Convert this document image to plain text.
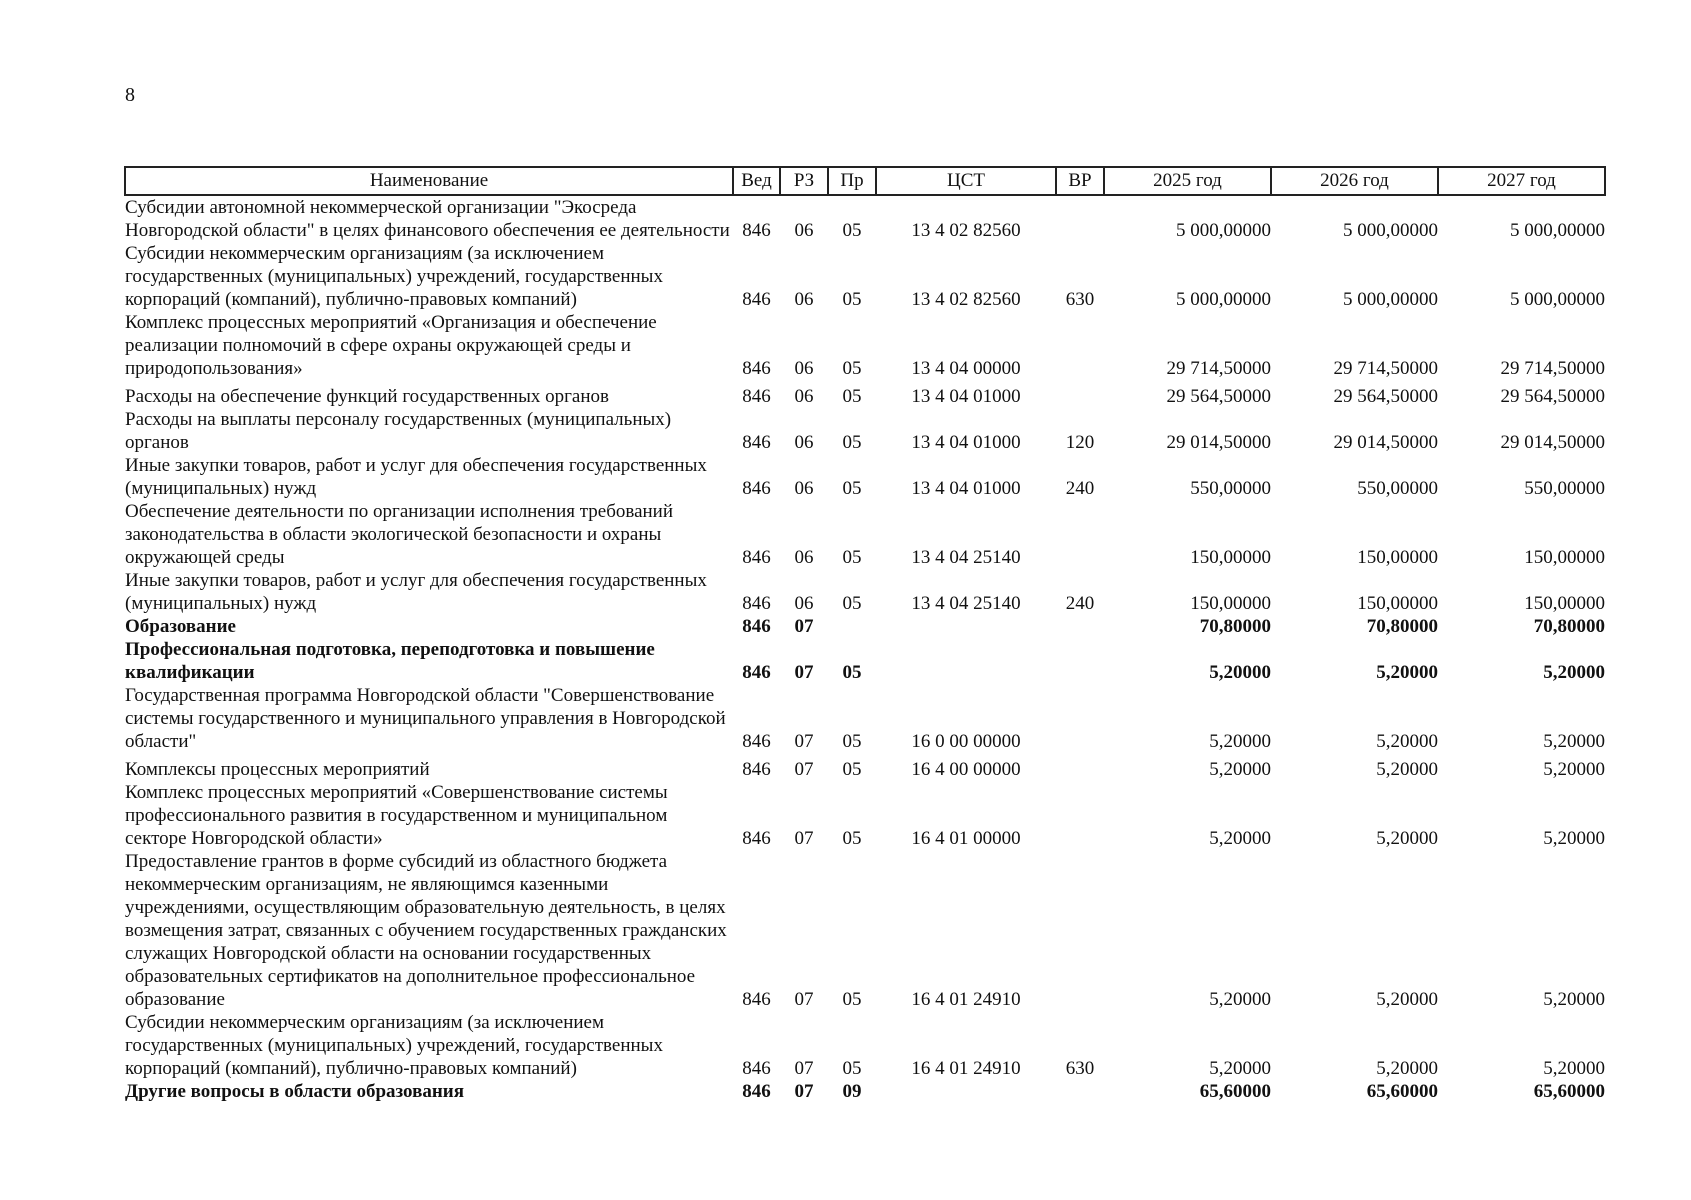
8
Наименование	Вед	РЗ	Пр	ЦСТ	ВР	2025 год	2026 год	2027 год
Субсидии автономной некоммерческой организации "Экосреда Новгородской области" в целях финансового обеспечения ее деятельности	846	06	05	13 4 02 82560		5 000,00000	5 000,00000	5 000,00000
Субсидии некоммерческим организациям (за исключением государственных (муниципальных) учреждений, государственных корпораций (компаний), публично-правовых компаний)	846	06	05	13 4 02 82560	630	5 000,00000	5 000,00000	5 000,00000
Комплекс процессных мероприятий «Организация и обеспечение реализации полномочий в сфере охраны окружающей среды и природопользования»	846	06	05	13 4 04 00000		29 714,50000	29 714,50000	29 714,50000
Расходы на обеспечение функций государственных органов	846	06	05	13 4 04 01000		29 564,50000	29 564,50000	29 564,50000
Расходы на выплаты персоналу государственных (муниципальных) органов	846	06	05	13 4 04 01000	120	29 014,50000	29 014,50000	29 014,50000
Иные закупки товаров, работ и услуг для обеспечения государственных (муниципальных) нужд	846	06	05	13 4 04 01000	240	550,00000	550,00000	550,00000
Обеспечение деятельности по организации исполнения требований законодательства в области экологической безопасности и охраны окружающей среды	846	06	05	13 4 04 25140		150,00000	150,00000	150,00000
Иные закупки товаров, работ и услуг для обеспечения государственных (муниципальных) нужд	846	06	05	13 4 04 25140	240	150,00000	150,00000	150,00000
Образование	846	07				70,80000	70,80000	70,80000
Профессиональная подготовка, переподготовка и повышение квалификации	846	07	05			5,20000	5,20000	5,20000
Государственная программа Новгородской области "Совершенствование системы государственного и муниципального управления в Новгородской области"	846	07	05	16 0 00 00000		5,20000	5,20000	5,20000
Комплексы процессных мероприятий	846	07	05	16 4 00 00000		5,20000	5,20000	5,20000
Комплекс процессных мероприятий «Совершенствование системы профессионального развития в государственном и муниципальном секторе Новгородской области»	846	07	05	16 4 01 00000		5,20000	5,20000	5,20000
Предоставление грантов в форме субсидий из областного бюджета некоммерческим организациям, не являющимся казенными учреждениями, осуществляющим образовательную деятельность, в целях возмещения затрат, связанных с обучением государственных гражданских служащих Новгородской области на основании государственных образовательных сертификатов на дополнительное профессиональное образование	846	07	05	16 4 01 24910		5,20000	5,20000	5,20000
Субсидии некоммерческим организациям (за исключением государственных (муниципальных) учреждений, государственных корпораций (компаний), публично-правовых компаний)	846	07	05	16 4 01 24910	630	5,20000	5,20000	5,20000
Другие вопросы в области образования	846	07	09			65,60000	65,60000	65,60000
